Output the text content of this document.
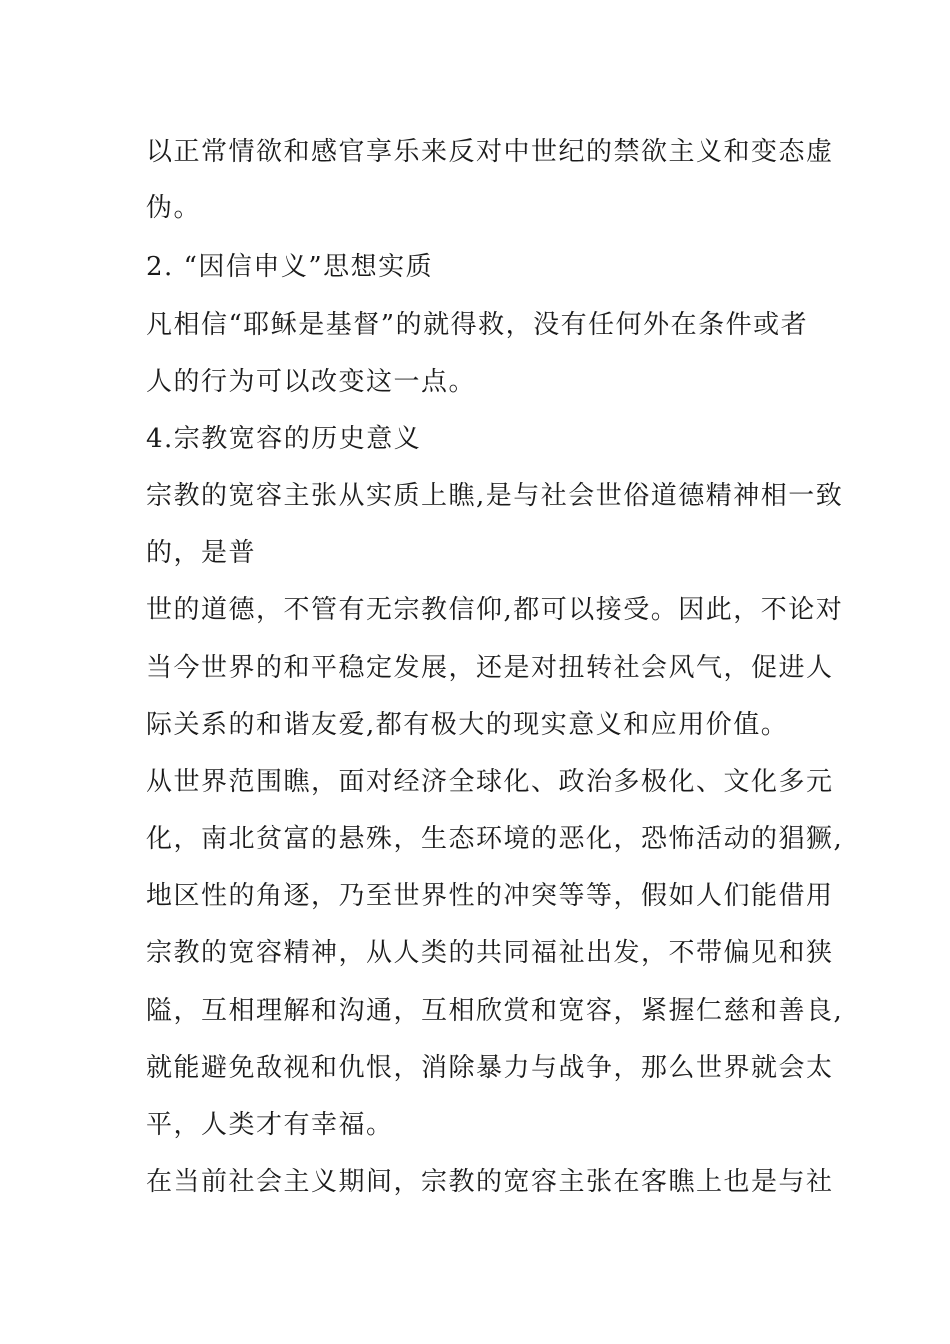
以正常情欲和感官享乐来反对中世纪的禁欲主义和变态虚
伪。
2. “因信申义”思想实质
凡相信“耶稣是基督”的就得救，没有任何外在条件或者
人的行为可以改变这一点。
4.宗教宽容的历史意义
宗教的宽容主张从实质上瞧,是与社会世俗道德精神相一致
的，是普
世的道德，不管有无宗教信仰,都可以接受。因此，不论对
当今世界的和平稳定发展，还是对扭转社会风气，促进人
际关系的和谐友爱,都有极大的现实意义和应用价值。
从世界范围瞧，面对经济全球化、政治多极化、文化多元
化，南北贫富的悬殊，生态环境的恶化，恐怖活动的猖獗,
地区性的角逐，乃至世界性的冲突等等，假如人们能借用
宗教的宽容精神，从人类的共同福祉出发，不带偏见和狭
隘，互相理解和沟通，互相欣赏和宽容，紧握仁慈和善良,
就能避免敌视和仇恨，消除暴力与战争，那么世界就会太
平，人类才有幸福。
在当前社会主义期间，宗教的宽容主张在客瞧上也是与社
